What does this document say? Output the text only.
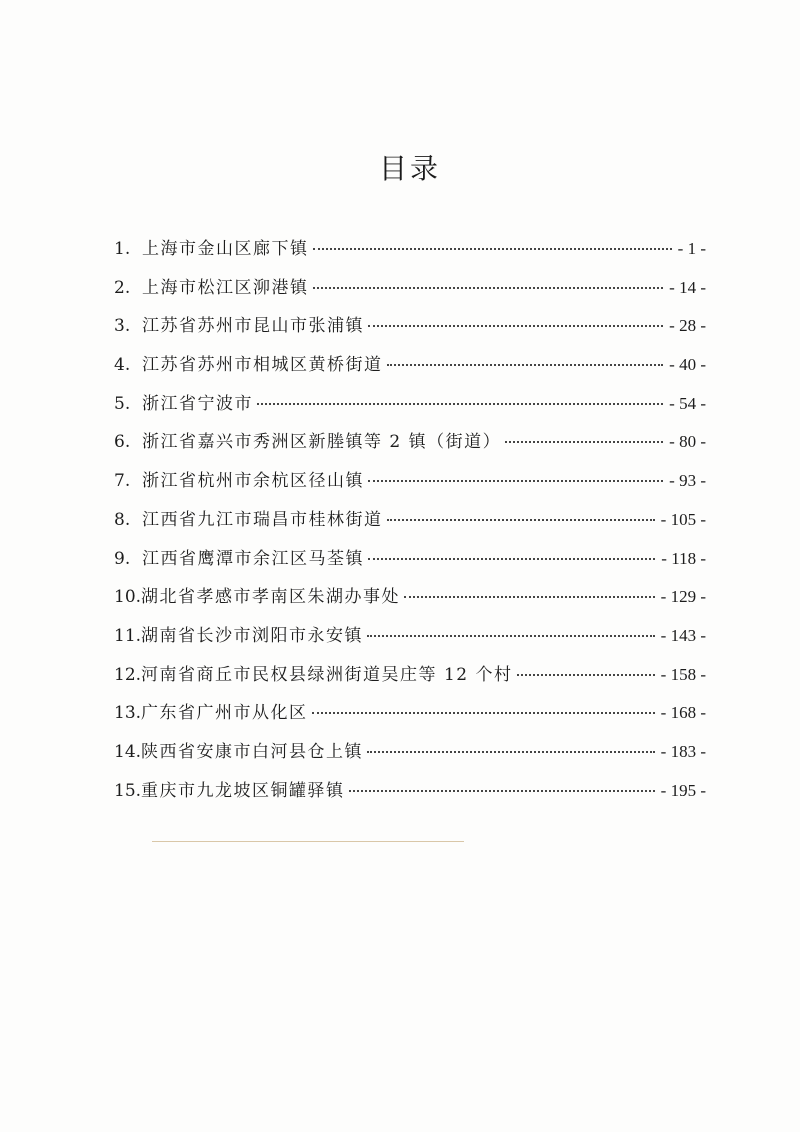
目录
1. 上海市金山区廊下镇	- 1 -
2. 上海市松江区泖港镇	- 14 -
3. 江苏省苏州市昆山市张浦镇	- 28 -
4. 江苏省苏州市相城区黄桥街道	- 40 -
5. 浙江省宁波市	- 54 -
6. 浙江省嘉兴市秀洲区新塍镇等 2 镇（街道）	- 80 -
7. 浙江省杭州市余杭区径山镇	- 93 -
8. 江西省九江市瑞昌市桂林街道	- 105 -
9. 江西省鹰潭市余江区马荃镇	- 118 -
10. 湖北省孝感市孝南区朱湖办事处	- 129 -
11. 湖南省长沙市浏阳市永安镇	- 143 -
12. 河南省商丘市民权县绿洲街道吴庄等 12 个村	- 158 -
13. 广东省广州市从化区	- 168 -
14. 陕西省安康市白河县仓上镇	- 183 -
15. 重庆市九龙坡区铜罐驿镇	- 195 -
